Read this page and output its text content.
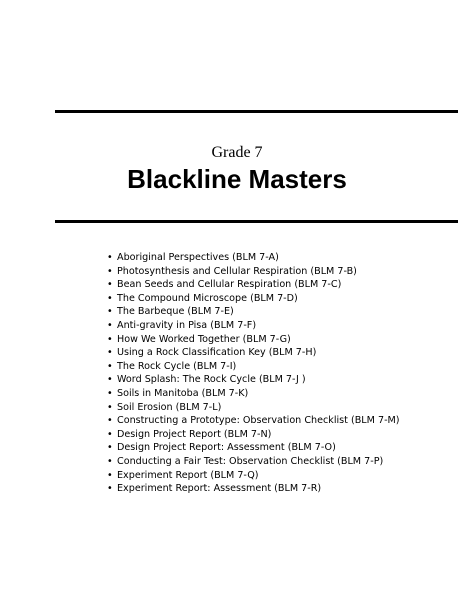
Grade 7
Blackline Masters
• Aboriginal Perspectives (BLM 7-A)
• Photosynthesis and Cellular Respiration (BLM 7-B)
• Bean Seeds and Cellular Respiration (BLM 7-C)
• The Compound Microscope (BLM 7-D)
• The Barbeque (BLM 7-E)
• Anti-gravity in Pisa (BLM 7-F)
• How We Worked Together (BLM 7-G)
• Using a Rock Classification Key (BLM 7-H)
• The Rock Cycle (BLM 7-I)
• Word Splash: The Rock Cycle (BLM 7-J )
• Soils in Manitoba (BLM 7-K)
• Soil Erosion (BLM 7-L)
• Constructing a Prototype: Observation Checklist (BLM 7-M)
• Design Project Report (BLM 7-N)
• Design Project Report: Assessment (BLM 7-O)
• Conducting a Fair Test: Observation Checklist (BLM 7-P)
• Experiment Report (BLM 7-Q)
• Experiment Report: Assessment (BLM 7-R)
